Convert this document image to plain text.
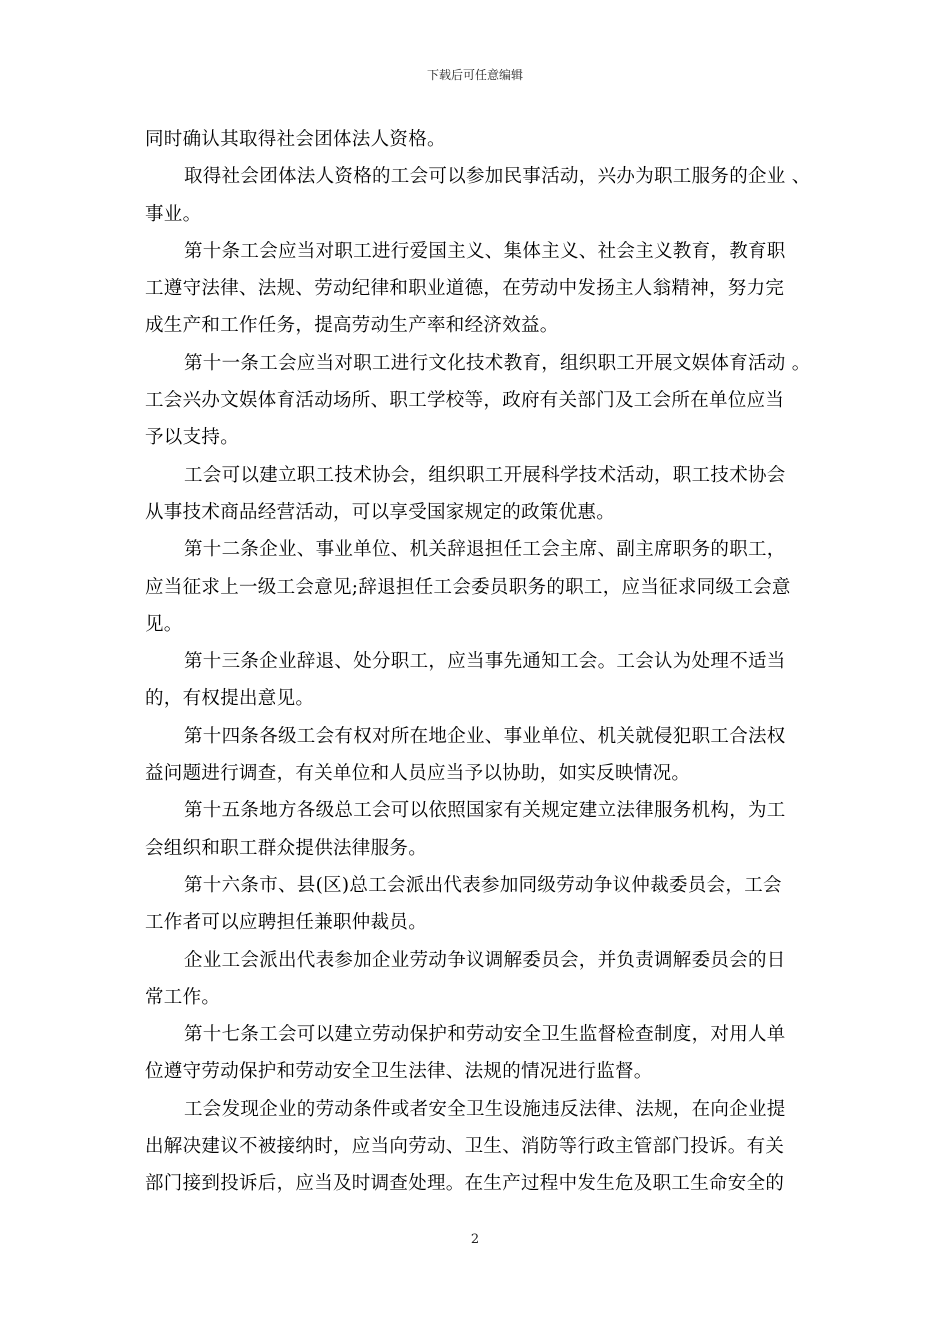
下载后可任意编辑
同时确认其取得社会团体法人资格。
取得社会团体法人资格的工会可以参加民事活动，兴办为职工服务的企业 、
事业。
第十条工会应当对职工进行爱国主义、集体主义、社会主义教育，教育职
工遵守法律、法规、劳动纪律和职业道德，在劳动中发扬主人翁精神，努力完
成生产和工作任务，提高劳动生产率和经济效益。
第十一条工会应当对职工进行文化技术教育，组织职工开展文娱体育活动 。
工会兴办文娱体育活动场所、职工学校等，政府有关部门及工会所在单位应当
予以支持。
工会可以建立职工技术协会，组织职工开展科学技术活动，职工技术协会
从事技术商品经营活动，可以享受国家规定的政策优惠。
第十二条企业、事业单位、机关辞退担任工会主席、副主席职务的职工，
应当征求上一级工会意见;辞退担任工会委员职务的职工，应当征求同级工会意
见。
第十三条企业辞退、处分职工，应当事先通知工会。工会认为处理不适当
的，有权提出意见。
第十四条各级工会有权对所在地企业、事业单位、机关就侵犯职工合法权
益问题进行调查，有关单位和人员应当予以协助，如实反映情况。
第十五条地方各级总工会可以依照国家有关规定建立法律服务机构，为工
会组织和职工群众提供法律服务。
第十六条市、县(区)总工会派出代表参加同级劳动争议仲裁委员会，工会
工作者可以应聘担任兼职仲裁员。
企业工会派出代表参加企业劳动争议调解委员会，并负责调解委员会的日
常工作。
第十七条工会可以建立劳动保护和劳动安全卫生监督检查制度，对用人单
位遵守劳动保护和劳动安全卫生法律、法规的情况进行监督。
工会发现企业的劳动条件或者安全卫生设施违反法律、法规，在向企业提
出解决建议不被接纳时，应当向劳动、卫生、消防等行政主管部门投诉。有关
部门接到投诉后，应当及时调查处理。在生产过程中发生危及职工生命安全的
2
